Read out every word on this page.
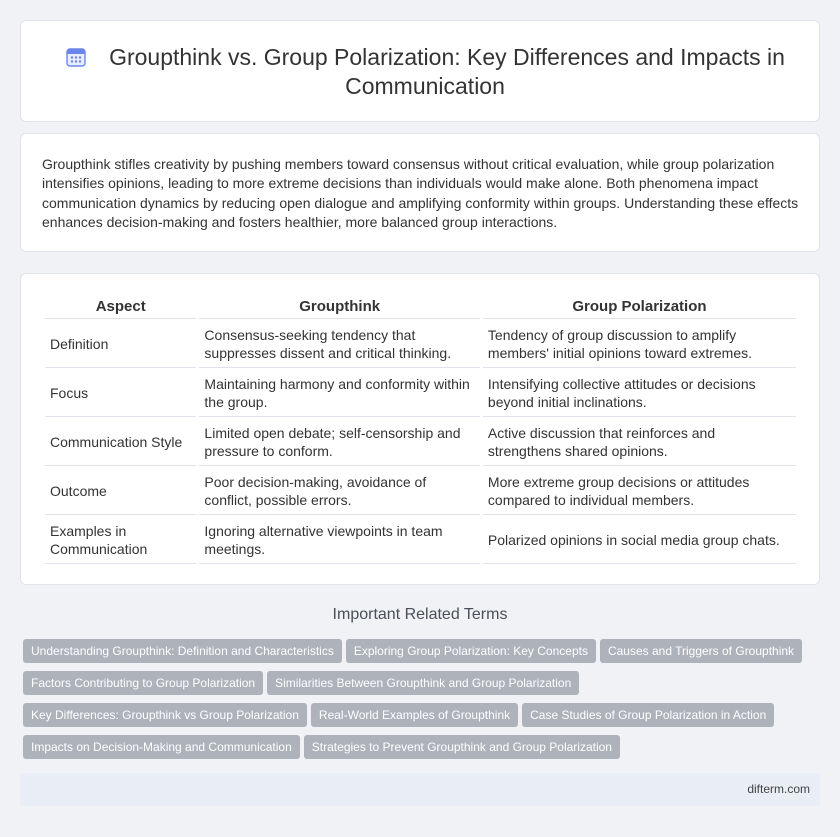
Groupthink vs. Group Polarization: Key Differences and Impacts in Communication

Groupthink stifles creativity by pushing members toward consensus without critical evaluation, while group polarization intensifies opinions, leading to more extreme decisions than individuals would make alone. Both phenomena impact communication dynamics by reducing open dialogue and amplifying conformity within groups. Understanding these effects enhances decision-making and fosters healthier, more balanced group interactions.

Aspect	Groupthink	Group Polarization
Definition	Consensus-seeking tendency that suppresses dissent and critical thinking.	Tendency of group discussion to amplify members' initial opinions toward extremes.
Focus	Maintaining harmony and conformity within the group.	Intensifying collective attitudes or decisions beyond initial inclinations.
Communication Style	Limited open debate; self-censorship and pressure to conform.	Active discussion that reinforces and strengthens shared opinions.
Outcome	Poor decision-making, avoidance of conflict, possible errors.	More extreme group decisions or attitudes compared to individual members.
Examples in Communication	Ignoring alternative viewpoints in team meetings.	Polarized opinions in social media group chats.
Important Related Terms
Understanding Groupthink: Definition and Characteristics Exploring Group Polarization: Key Concepts Causes and Triggers of Groupthink
Factors Contributing to Group Polarization Similarities Between Groupthink and Group Polarization
Key Differences: Groupthink vs Group Polarization Real-World Examples of Groupthink Case Studies of Group Polarization in Action
Impacts on Decision-Making and Communication Strategies to Prevent Groupthink and Group Polarization
difterm.com
